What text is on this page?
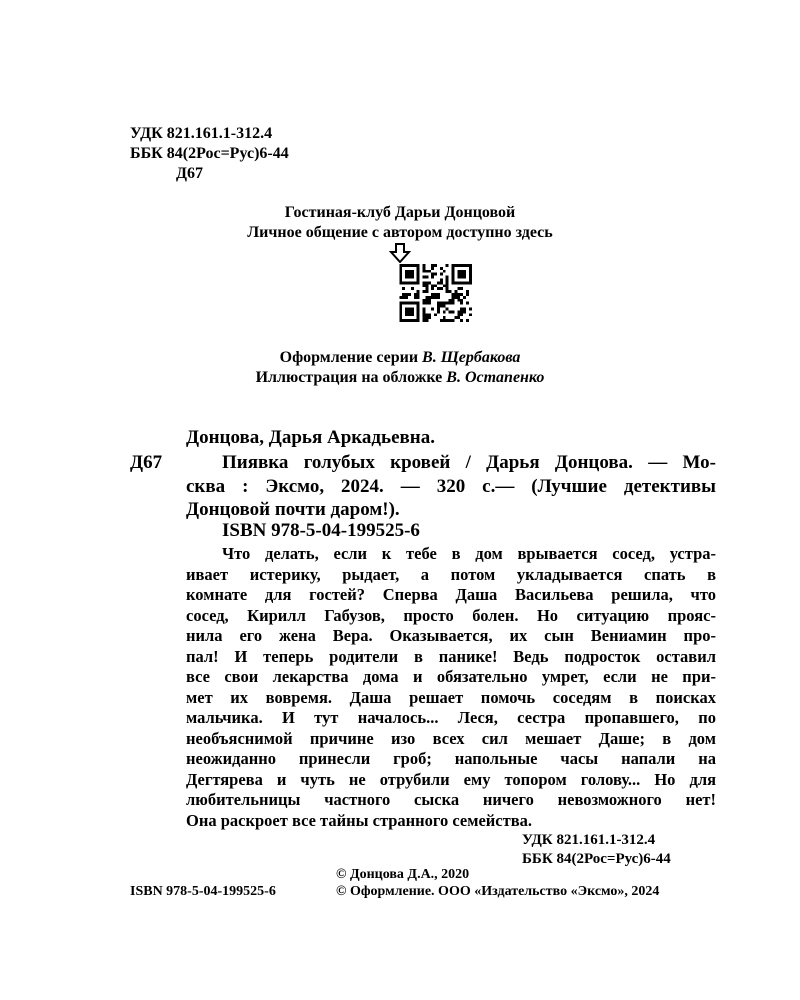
УДК 821.161.1-312.4
ББК 84(2Рос=Рус)6-44
Д67
Гостиная-клуб Дарьи Донцовой
Личное общение с автором доступно здесь
Оформление серии В. Щербакова
Иллюстрация на обложке В. Остапенко
Донцова, Дарья Аркадьевна.
Д67	Пиявка голубых кровей / Дарья Донцова. — Мо-
сква : Эксмо, 2024. — 320 с.— (Лучшие детективы
Донцовой почти даром!).
ISBN 978-5-04-199525-6
Что делать, если к тебе в дом врывается сосед, устра-
ивает истерику, рыдает, а потом укладывается спать в
комнате для гостей? Сперва Даша Васильева решила, что
сосед, Кирилл Габузов, просто болен. Но ситуацию прояс-
нила его жена Вера. Оказывается, их сын Вениамин про-
пал! И теперь родители в панике! Ведь подросток оставил
все свои лекарства дома и обязательно умрет, если не при-
мет их вовремя. Даша решает помочь соседям в поисках
мальчика. И тут началось... Леся, сестра пропавшего, по
необъяснимой причине изо всех сил мешает Даше; в дом
неожиданно принесли гроб; напольные часы напали на
Дегтярева и чуть не отрубили ему топором голову... Но для
любительницы частного сыска ничего невозможного нет!
Она раскроет все тайны странного семейства.
УДК 821.161.1-312.4
ББК 84(2Рос=Рус)6-44
© Донцова Д.А., 2020
ISBN 978-5-04-199525-6	© Оформление. ООО «Издательство «Эксмо», 2024
